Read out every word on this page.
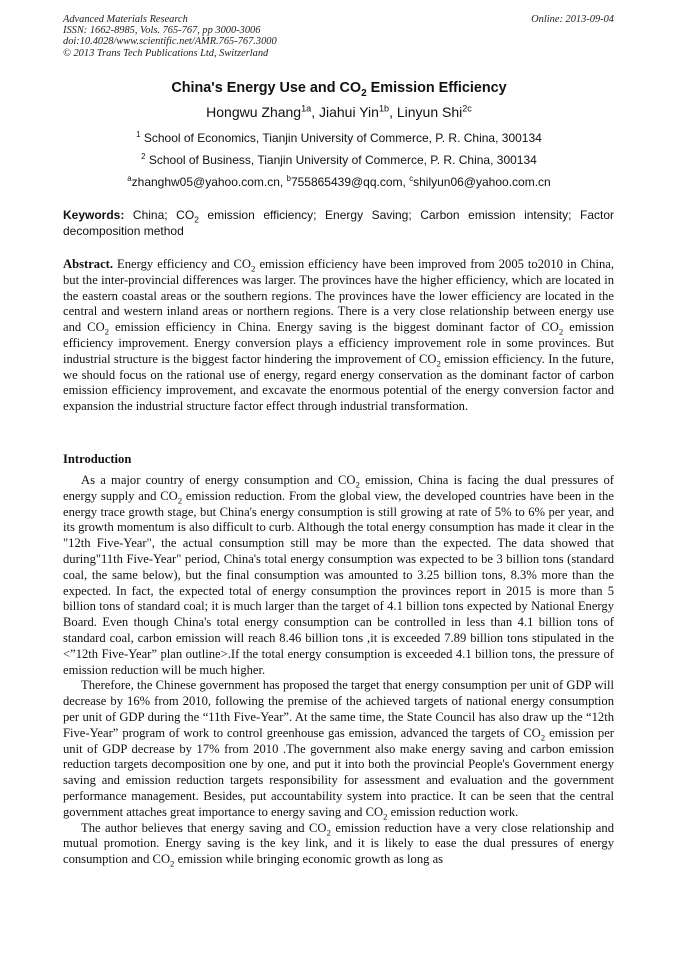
Advanced Materials Research
ISSN: 1662-8985, Vols. 765-767, pp 3000-3006
doi:10.4028/www.scientific.net/AMR.765-767.3000
© 2013 Trans Tech Publications Ltd, Switzerland
Online: 2013-09-04
China's Energy Use and $CO_2$ Emission Efficiency
Hongwu Zhang$^{1a}$, Jiahui Yin$^{1b}$, Linyun Shi$^{2c}$
$^1$ School of Economics, Tianjin University of Commerce, P. R. China, 300134
$^2$ School of Business, Tianjin University of Commerce, P. R. China, 300134
$^a$zhanghw05@yahoo.com.cn, $^b$755865439@qq.com, $^c$shilyun06@yahoo.com.cn
Keywords: China; $CO_2$ emission efficiency; Energy Saving; Carbon emission intensity; Factor decomposition method
Abstract. Energy efficiency and $CO_2$ emission efficiency have been improved from 2005 to2010 in China, but the inter-provincial differences was larger. The provinces have the higher efficiency, which are located in the eastern coastal areas or the southern regions. The provinces have the lower efficiency are located in the central and western inland areas or northern regions. There is a very close relationship between energy use and $CO_2$ emission efficiency in China. Energy saving is the biggest dominant factor of $CO_2$ emission efficiency improvement. Energy conversion plays a efficiency improvement role in some provinces. But industrial structure is the biggest factor hindering the improvement of $CO_2$ emission efficiency. In the future, we should focus on the rational use of energy, regard energy conservation as the dominant factor of carbon emission efficiency improvement, and excavate the enormous potential of the energy conversion factor and expansion the industrial structure factor effect through industrial transformation.
Introduction

As a major country of energy consumption and $CO_2$ emission, China is facing the dual pressures of energy supply and $CO_2$ emission reduction. From the global view, the developed countries have been in the energy trace growth stage, but China's energy consumption is still growing at rate of 5% to 6% per year, and its growth momentum is also difficult to curb. Although the total energy consumption has made it clear in the "12th Five-Year", the actual consumption still may be more than the expected. The data showed that during"11th Five-Year" period, China's total energy consumption was expected to be 3 billion tons (standard coal, the same below), but the final consumption was amounted to 3.25 billion tons, 8.3% more than the expected. In fact, the expected total of energy consumption the provinces report in 2015 is more than 5 billion tons of standard coal; it is much larger than the target of 4.1 billion tons expected by National Energy Board. Even though China's total energy consumption can be controlled in less than 4.1 billion tons of standard coal, carbon emission will reach 8.46 billion tons ,it is exceeded 7.89 billion tons stipulated in the <”12th Five-Year” plan outline>.If the total energy consumption is exceeded 4.1 billion tons, the pressure of emission reduction will be much higher.

Therefore, the Chinese government has proposed the target that energy consumption per unit of GDP will decrease by 16% from 2010, following the premise of the achieved targets of national energy consumption per unit of GDP during the “11th Five-Year”. At the same time, the State Council has also draw up the “12th Five-Year” program of work to control greenhouse gas emission, advanced the targets of $CO_2$ emission per unit of GDP decrease by 17% from 2010 .The government also make energy saving and carbon emission reduction targets decomposition one by one, and put it into both the provincial People's Government energy saving and emission reduction targets responsibility for assessment and evaluation and the government performance management. Besides, put accountability system into practice. It can be seen that the central government attaches great importance to energy saving and $CO_2$ emission reduction work.

The author believes that energy saving and $CO_2$ emission reduction have a very close relationship and mutual promotion. Energy saving is the key link, and it is likely to ease the dual pressures of energy consumption and $CO_2$ emission while bringing economic growth as long as
